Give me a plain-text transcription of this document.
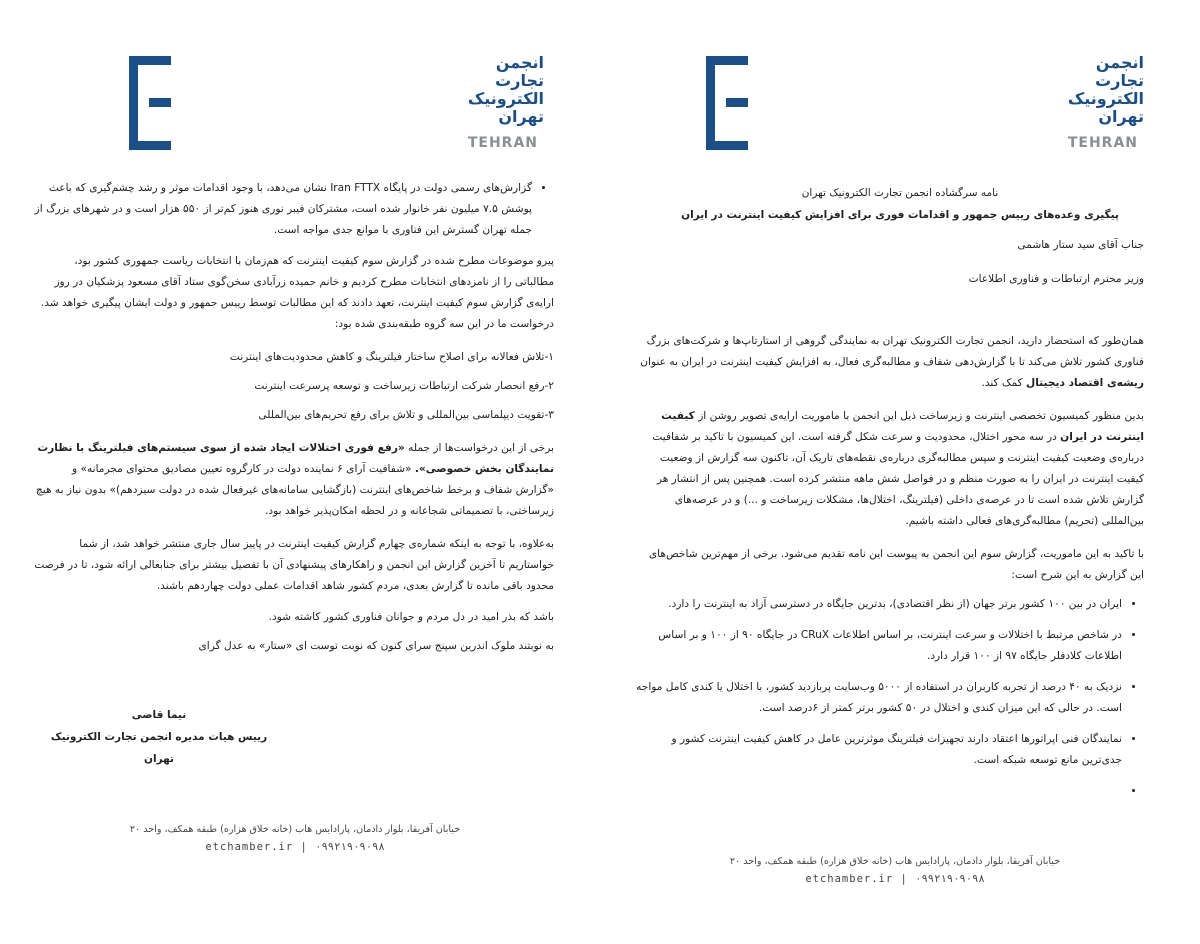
انجمن
تجارت
الکترونیک
تهران
TEHRAN
• گزارش‌های رسمی دولت در پایگاه Iran FTTX نشان می‌دهد، با وجود اقدامات موثر و رشد چشم‌گیری که باعث پوشش ۷.۵ میلیون نفر خانوار شده است، مشترکان فیبر نوری هنوز کم‌تر از ۵۵۰ هزار است و در شهرهای بزرگ از جمله تهران گسترش این فناوری با موانع جدی مواجه است.

پیرو موضوعات مطرح شده در گزارش سوم کیفیت اینترنت که هم‌زمان با انتخابات ریاست جمهوری کشور بود، مطالباتی را از نامزدهای انتخابات مطرح کردیم و خانم حمیده زرآبادی سخن‌گوی ستاد آقای مسعود پزشکیان در روز ارایه‌ی گزارش سوم کیفیت اینترنت، تعهد دادند که این مطالبات توسط رییس جمهور و دولت ایشان پیگیری خواهد شد. درخواست ما در این سه گروه طبقه‌بندی شده بود:

۱-تلاش فعالانه برای اصلاح ساختار فیلترینگ و کاهش محدودیت‌های اینترنت

۲-رفع انحصار شرکت ارتباطات زیرساخت و توسعه پرسرعت اینترنت

۳-تقویت دیپلماسی بین‌المللی و تلاش برای رفع تحریم‌های بین‌المللی

برخی از این درخواست‌ها از جمله «رفع فوری اختلالات ایجاد شده از سوی سیستم‌های فیلترینگ با نظارت نمایندگان بخش خصوصی». «شفافیت آرای ۶ نماینده دولت در کارگروه تعیین مصادیق محتوای مجرمانه» و «گزارش شفاف و برخط شاخص‌های اینترنت (بازگشایی سامانه‌های غیرفعال شده در دولت سیزدهم)» بدون نیاز به هیچ زیرساختی، با تصمیماتی شجاعانه و در لحظه امکان‌پذیر خواهد بود.

به‌علاوه، با توجه به اینکه شماره‌ی چهارم گزارش کیفیت اینترنت در پاییز سال جاری منتشر خواهد شد، از شما خواستاریم تا آخرین گزارش این انجمن و راهکارهای پیشنهادی آن با تفصیل بیشتر برای جنابعالی ارائه شود، تا در فرصت محدود باقی مانده تا گزارش بعدی، مردم کشور شاهد اقدامات عملی دولت چهاردهم باشند.

باشد که بذر امید در دل مردم و جوانان فناوری کشور کاشته شود.

به نوبتند ملوک اندرین سپنج سرای کنون که نوبت توست ای «ستار» به عدل گرای

نیما قاضی
رییس هیات مدیره انجمن تجارت الکترونیک تهران
خیابان آفریقا، بلوار دادمان، پارادایس هاب (خانه خلاق هزاره) طبقه همکف، واحد ۲۰
etchamber.ir | ۰۹۹۲۱۹۰۹۰۹۸
انجمن
تجارت
الکترونیک
تهران
TEHRAN
نامه سرگشاده انجمن تجارت الکترونیک تهران
پیگیری وعده‌های رییس جمهور و اقدامات فوری برای افزایش کیفیت اینترنت در ایران

جناب آقای سید ستار هاشمی

وزیر محترم ارتباطات و فناوری اطلاعات

همان‌طور که استحضار دارید، انجمن تجارت الکترونیک تهران به نمایندگی گروهی از استارتاپ‌ها و شرکت‌های بزرگ فناوری کشور تلاش می‌کند تا با گزارش‌دهی شفاف و مطالبه‌گری فعال، به افزایش کیفیت اینترنت در ایران به عنوان ریشه‌ی اقتصاد دیجیتال کمک کند.

بدین منظور کمیسیون تخصصی اینترنت و زیرساخت ذیل این انجمن با ماموریت ارایه‌ی تصویر روشن از کیفیت اینترنت در ایران در سه محور اختلال، محدودیت و سرعت شکل گرفته است. این کمیسیون با تاکید بر شفافیت درباره‌ی وضعیت کیفیت اینترنت و سپس مطالبه‌گری درباره‌ی نقطه‌های تاریک آن، تاکنون سه گزارش از وضعیت کیفیت اینترنت در ایران را به صورت منظم و در فواصل شش ماهه منتشر کرده است. همچنین پس از انتشار هر گزارش تلاش شده است تا در عرصه‌ی داخلی (فیلترینگ، اختلال‌ها، مشکلات زیرساخت و ...) و در عرصه‌های بین‌المللی (تحریم) مطالبه‌گری‌های فعالی داشته باشیم.

با تاکید به این ماموریت، گزارش سوم این انجمن به پیوست این نامه تقدیم می‌شود. برخی از مهم‌ترین شاخص‌های این گزارش به این شرح است:

• ایران در بین ۱۰۰ کشور برتر جهان (از نظر اقتصادی)، بدترین جایگاه در دسترسی آزاد به اینترنت را دارد.
• در شاخص مرتبط با اختلالات و سرعت اینترنت، بر اساس اطلاعات CRuX در جایگاه ۹۰ از ۱۰۰ و بر اساس اطلاعات کلادفلر جایگاه ۹۷ از ۱۰۰ قرار دارد.
• نزدیک به ۴۰ درصد از تجربه کاربران در استفاده از ۵۰۰۰ وب‌سایت پربازدید کشور، با اختلال یا کندی کامل مواجه است. در حالی که این میزان کندی و اختلال در ۵۰ کشور برتر کمتر از ۶درصد است.
• نمایندگان فنی اپراتورها اعتقاد دارند تجهیزات فیلترینگ موثرترین عامل در کاهش کیفیت اینترنت کشور و جدی‌ترین مانع توسعه شبکه است.
•
خیابان آفریقا، بلوار دادمان، پارادایس هاب (خانه خلاق هزاره) طبقه همکف، واحد ۲۰
etchamber.ir | ۰۹۹۲۱۹۰۹۰۹۸
